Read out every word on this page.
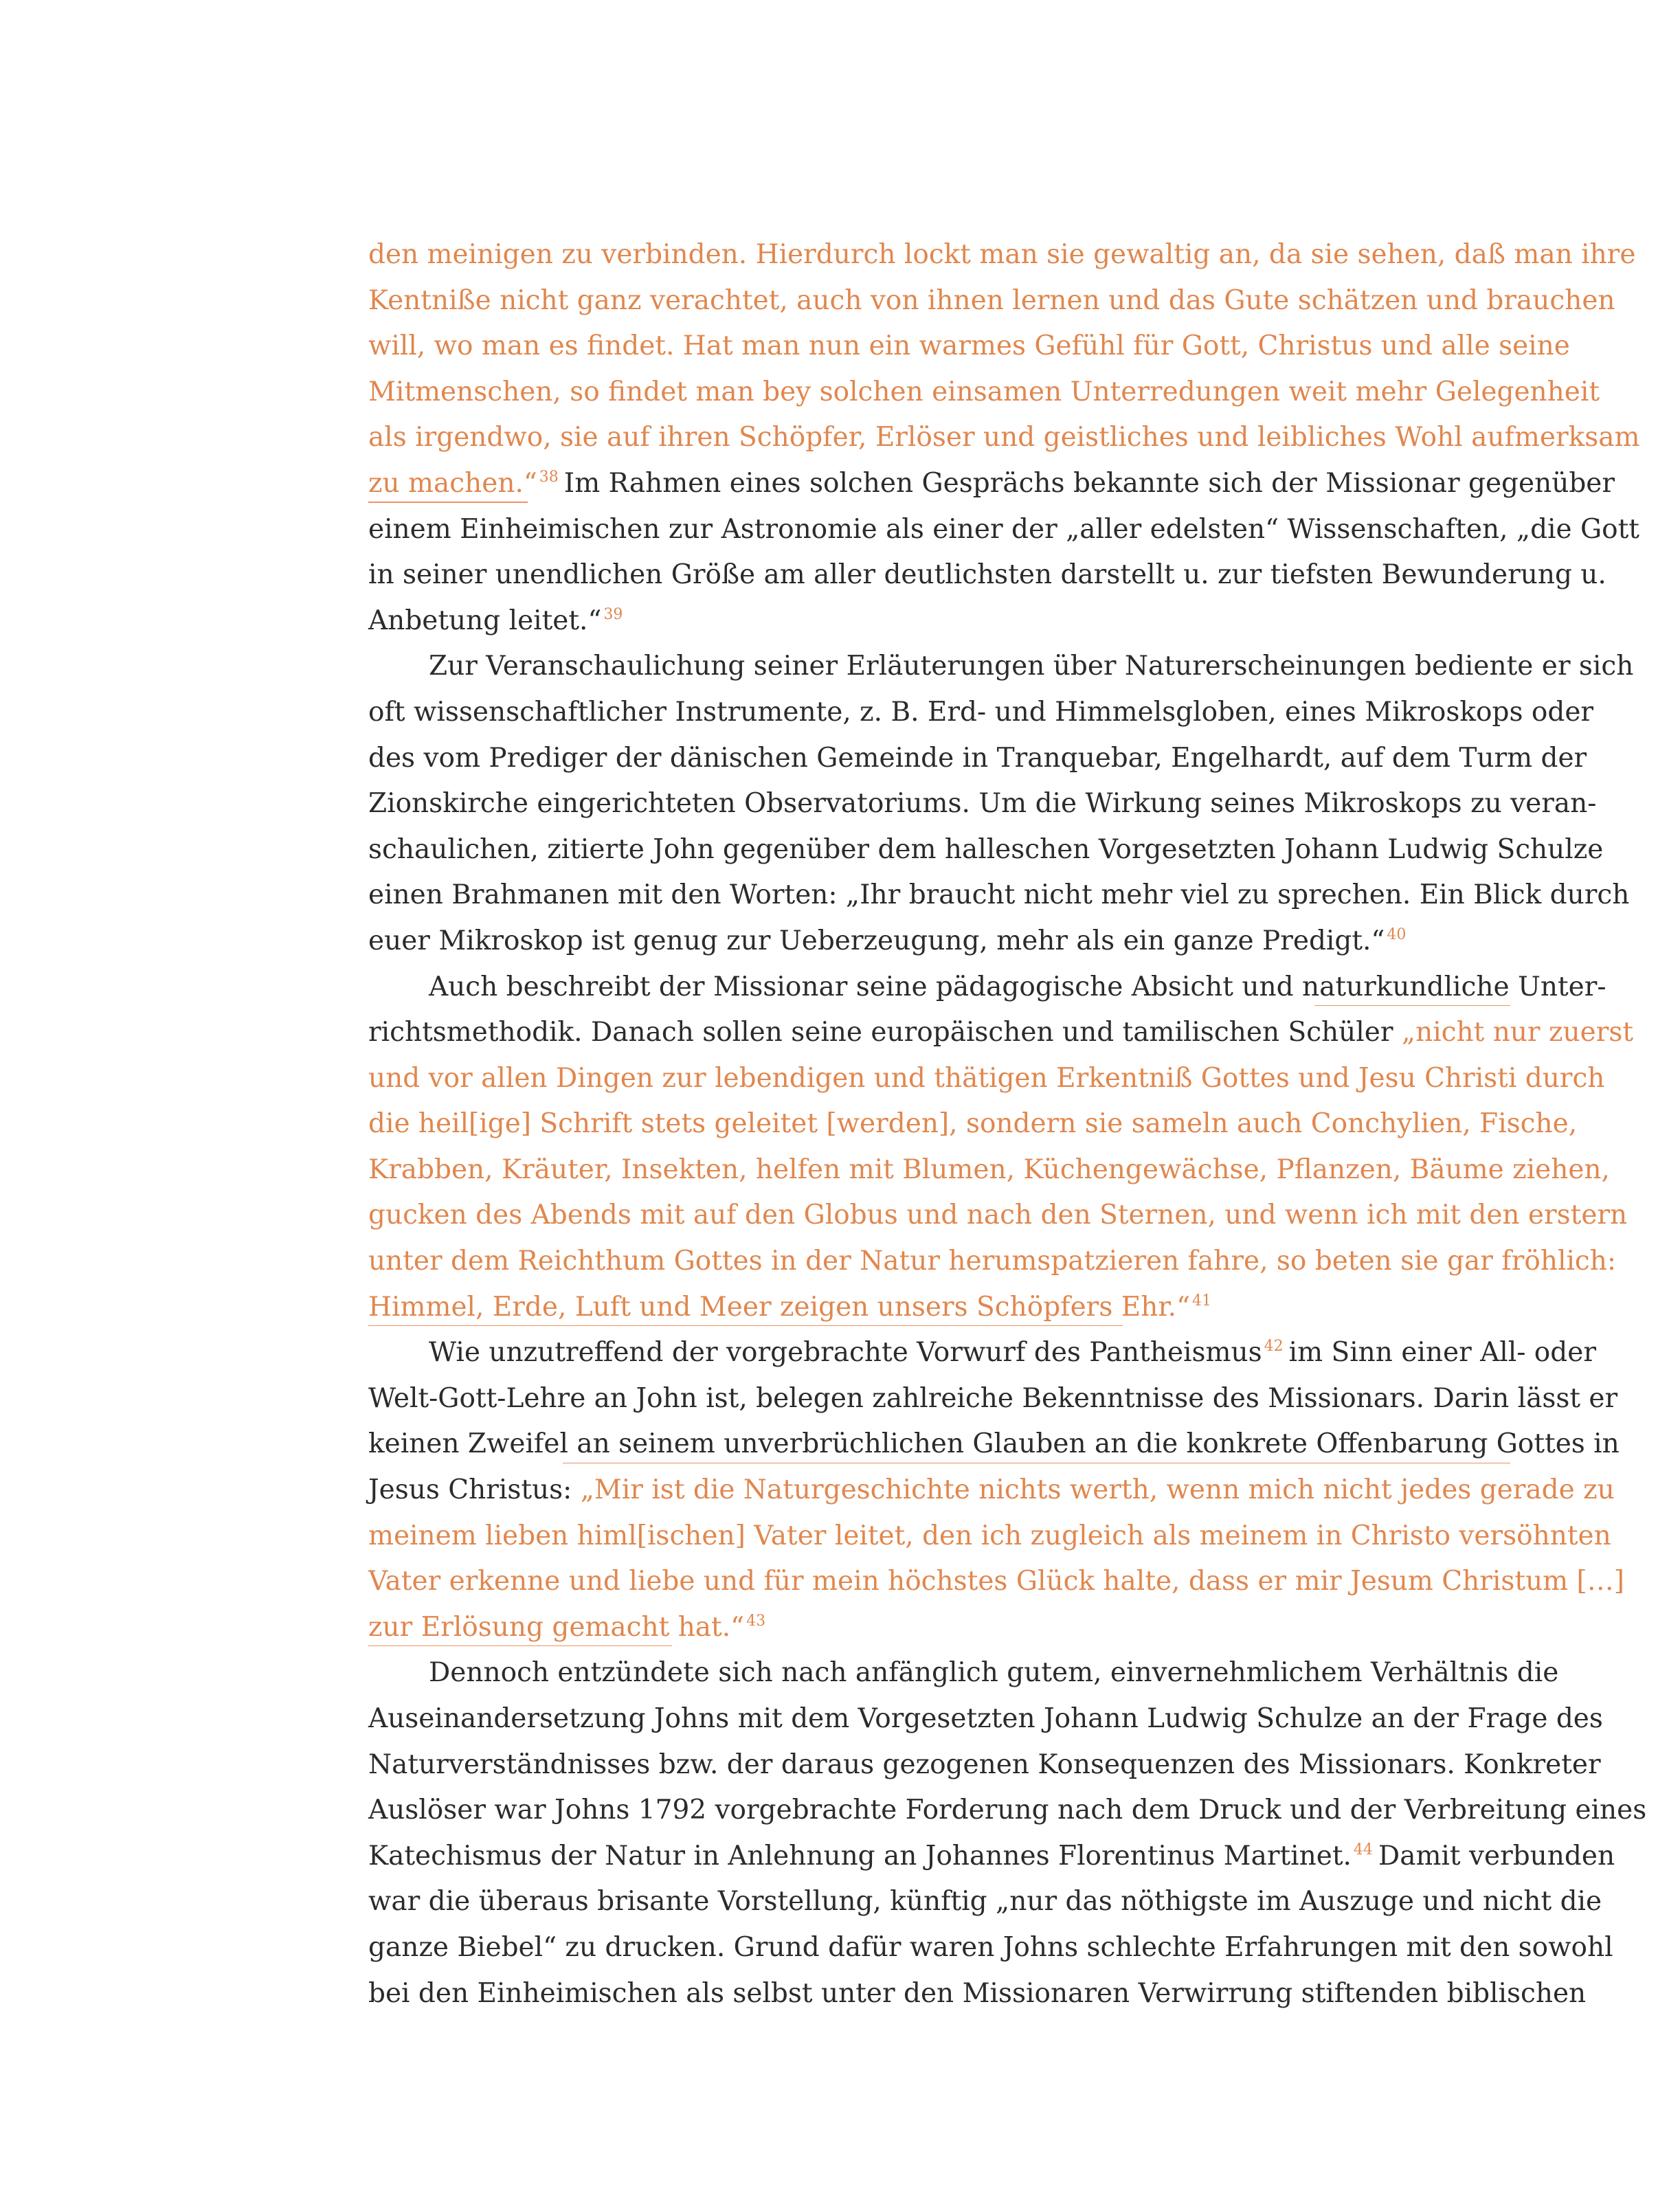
den meinigen zu verbinden. Hierdurch lockt man sie gewaltig an, da sie sehen, daß man ihre
Kentniße nicht ganz verachtet, auch von ihnen lernen und das Gute schätzen und brauchen
will, wo man es findet. Hat man nun ein warmes Gefühl für Gott, Christus und alle seine
Mitmenschen, so findet man bey solchen einsamen Unterredungen weit mehr Gelegenheit
als irgendwo, sie auf ihren Schöpfer, Erlöser und geistliches und leibliches Wohl aufmerksam
zu machen.“ $^{38}$ Im Rahmen eines solchen Gesprächs bekannte sich der Missionar gegenüber
einem Einheimischen zur Astronomie als einer der „aller edelsten“ Wissenschaften, „die Gott
in seiner unendlichen Größe am aller deutlichsten darstellt u. zur tiefsten Bewunderung u.
Anbetung leitet.“ $^{39}$
Zur Veranschaulichung seiner Erläuterungen über Naturerscheinungen bediente er sich
oft wissenschaftlicher Instrumente, z. B. Erd- und Himmelsgloben, eines Mikroskops oder
des vom Prediger der dänischen Gemeinde in Tranquebar, Engelhardt, auf dem Turm der
Zionskirche eingerichteten Observatoriums. Um die Wirkung seines Mikroskops zu veran-
schaulichen, zitierte John gegenüber dem halleschen Vorgesetzten Johann Ludwig Schulze
einen Brahmanen mit den Worten: „Ihr braucht nicht mehr viel zu sprechen. Ein Blick durch
euer Mikroskop ist genug zur Ueberzeugung, mehr als ein ganze Predigt.“ $^{40}$
Auch beschreibt der Missionar seine pädagogische Absicht und naturkundliche Unter-
richtsmethodik. Danach sollen seine europäischen und tamilischen Schüler „nicht nur zuerst
und vor allen Dingen zur lebendigen und thätigen Erkentniß Gottes und Jesu Christi durch
die heil[ige] Schrift stets geleitet [werden], sondern sie sameln auch Conchylien, Fische,
Krabben, Kräuter, Insekten, helfen mit Blumen, Küchengewächse, Pflanzen, Bäume ziehen,
gucken des Abends mit auf den Globus und nach den Sternen, und wenn ich mit den erstern
unter dem Reichthum Gottes in der Natur herumspatzieren fahre, so beten sie gar fröhlich:
Himmel, Erde, Luft und Meer zeigen unsers Schöpfers Ehr.“ $^{41}$
Wie unzutreffend der vorgebrachte Vorwurf des Pantheismus $^{42}$ im Sinn einer All- oder
Welt-Gott-Lehre an John ist, belegen zahlreiche Bekenntnisse des Missionars. Darin lässt er
keinen Zweifel an seinem unverbrüchlichen Glauben an die konkrete Offenbarung Gottes in
Jesus Christus: „Mir ist die Naturgeschichte nichts werth, wenn mich nicht jedes gerade zu
meinem lieben himl[ischen] Vater leitet, den ich zugleich als meinem in Christo versöhnten
Vater erkenne und liebe und für mein höchstes Glück halte, dass er mir Jesum Christum […]
zur Erlösung gemacht hat.“ $^{43}$
Dennoch entzündete sich nach anfänglich gutem, einvernehmlichem Verhältnis die
Auseinandersetzung Johns mit dem Vorgesetzten Johann Ludwig Schulze an der Frage des
Naturverständnisses bzw. der daraus gezogenen Konsequenzen des Missionars. Konkreter
Auslöser war Johns 1792 vorgebrachte Forderung nach dem Druck und der Verbreitung eines
Katechismus der Natur in Anlehnung an Johannes Florentinus Martinet. $^{44}$ Damit verbunden
war die überaus brisante Vorstellung, künftig „nur das nöthigste im Auszuge und nicht die
ganze Biebel“ zu drucken. Grund dafür waren Johns schlechte Erfahrungen mit den sowohl
bei den Einheimischen als selbst unter den Missionaren Verwirrung stiftenden biblischen
